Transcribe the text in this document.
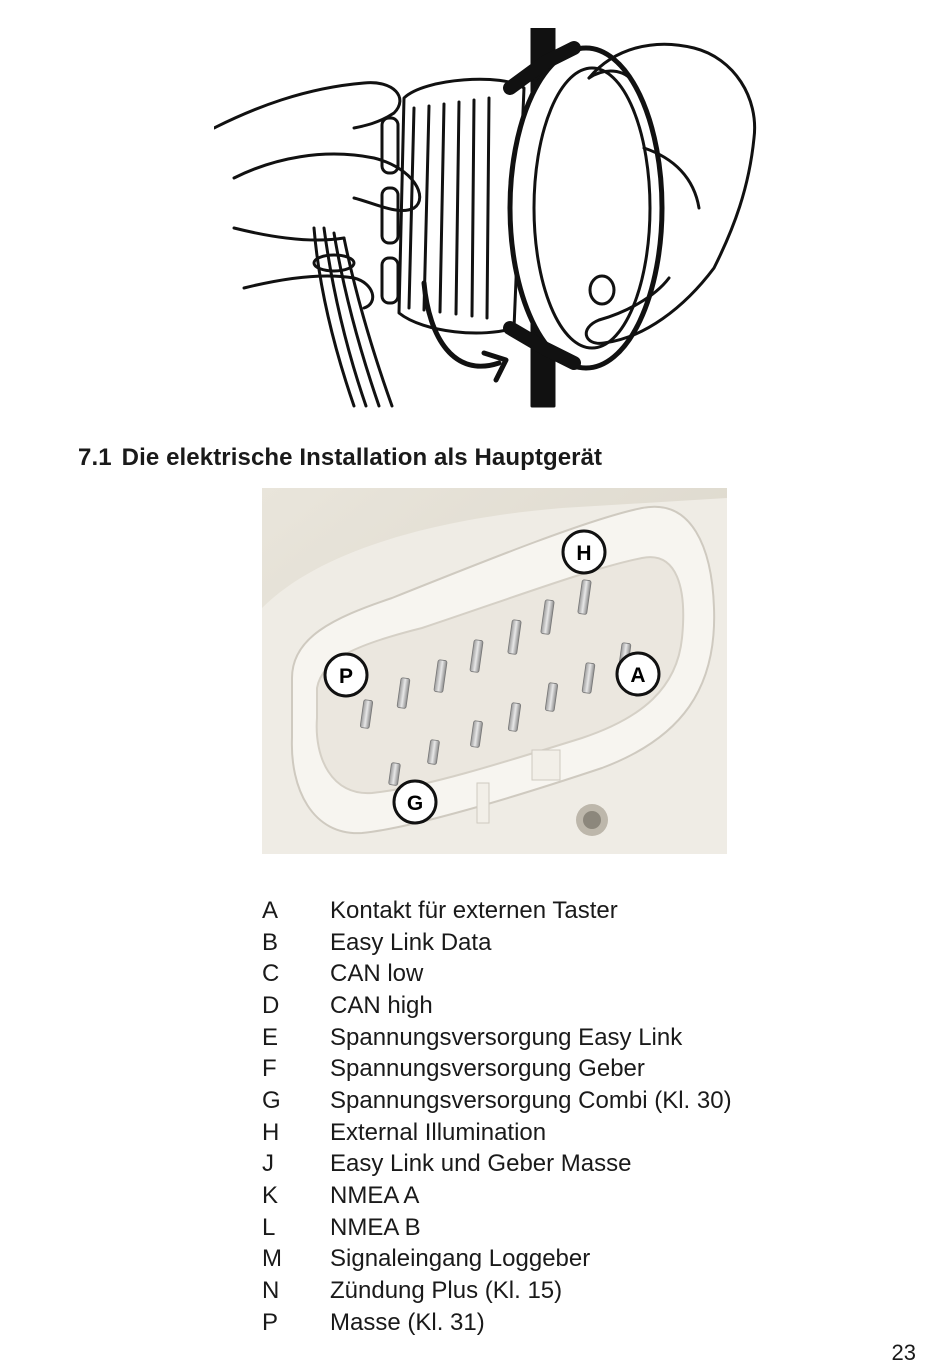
7.1 Die elektrische Installation als Hauptgerät
H
P	A
G
A	Kontakt für externen Taster
B	Easy Link Data
C	CAN low
D	CAN high
E	Spannungsversorgung Easy Link
F	Spannungsversorgung Geber
G	Spannungsversorgung Combi (Kl. 30)
H	External Illumination
J	Easy Link und Geber Masse
K	NMEA A
L	NMEA B
M	Signaleingang Loggeber
N	Zündung Plus (Kl. 15)
P	Masse (Kl. 31)
23
